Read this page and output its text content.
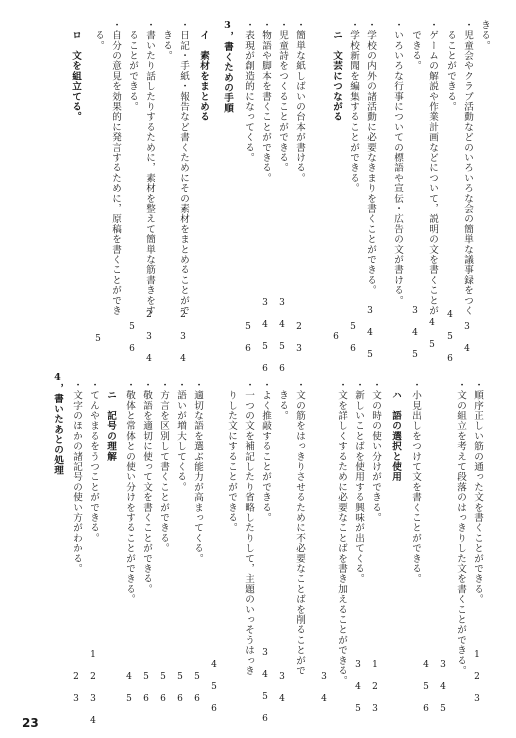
きる。
・児童会やクラブ活動などのいろいろな会の簡単な議事録をつく
3 4
　ることができる。
4 5 6
・ゲームの解説や作業計画などについて，説明の文を書くことが
4 5
　できる。
3 4 5
・いろいろな行事についての標語や宣伝・広告の文が書ける。
・学校の内外の諸活動に必要なきまりを書くことができる。
3 4 5
・学校新聞を編集することができる。
5 6
　ニ　文芸につながる
6
・簡単な紙しばいの台本が書ける。
2 3
・児童詩をつくることができる。
3 4 5 6
・物語や脚本を書くことができる。
3 4 5 6
・表現が創造的になってくる。
5 6
3，書くための手順
　イ　素材をまとめる
・日記・手紙・報告など書くためにその素材をまとめることがで
2 3 4
　きる。
・書いたり話したりするために，素材を整えて簡単な筋書きをす
2 3 4
　ることができる。
5 6
・自分の意見を効果的に発言するために，原稿を書くことができ
　る。
5
　ロ　文を組立てる。
・順序正しい筋の通った文を書くことができる。
1 2 3
・文の組立を考えて段落のはっきりした文を書くことができる。
3 4 5
4 5 6
・小見出しをつけて文を書くことができる。
　ハ　語の選択と使用
・文の時の使い分けができる。
1 2 3
・新しいことばを使用する興味が出てくる。
3 4 5
・文を詳しくするために必要なことばを書き加えることができる。
3 4
・文の筋をはっきりさせるために不必要なことばを削ることがで
3 4
　きる。
・よく推敲することができる。
3 4 5 6
・一つの文を補記したり省略したりして，主題のいっそうはっき
　りした文にすることができる。
4 5 6
・適切な語を選ぶ能力が高まってくる。
5 6
・語いが増大してくる。
5 6
・方言を区別して書くことができる。
5 6
・敬語を適切に使って文を書くことができる。
5 6
・敬体と常体との使い分けをすることができる。
4 5
　ニ　記号の理解
・てんやまるをうつことができる。
1 2 3 4
・文字のほかの諸記号の使い方がわかる。
2 3
4，書いたあとの処理
23
